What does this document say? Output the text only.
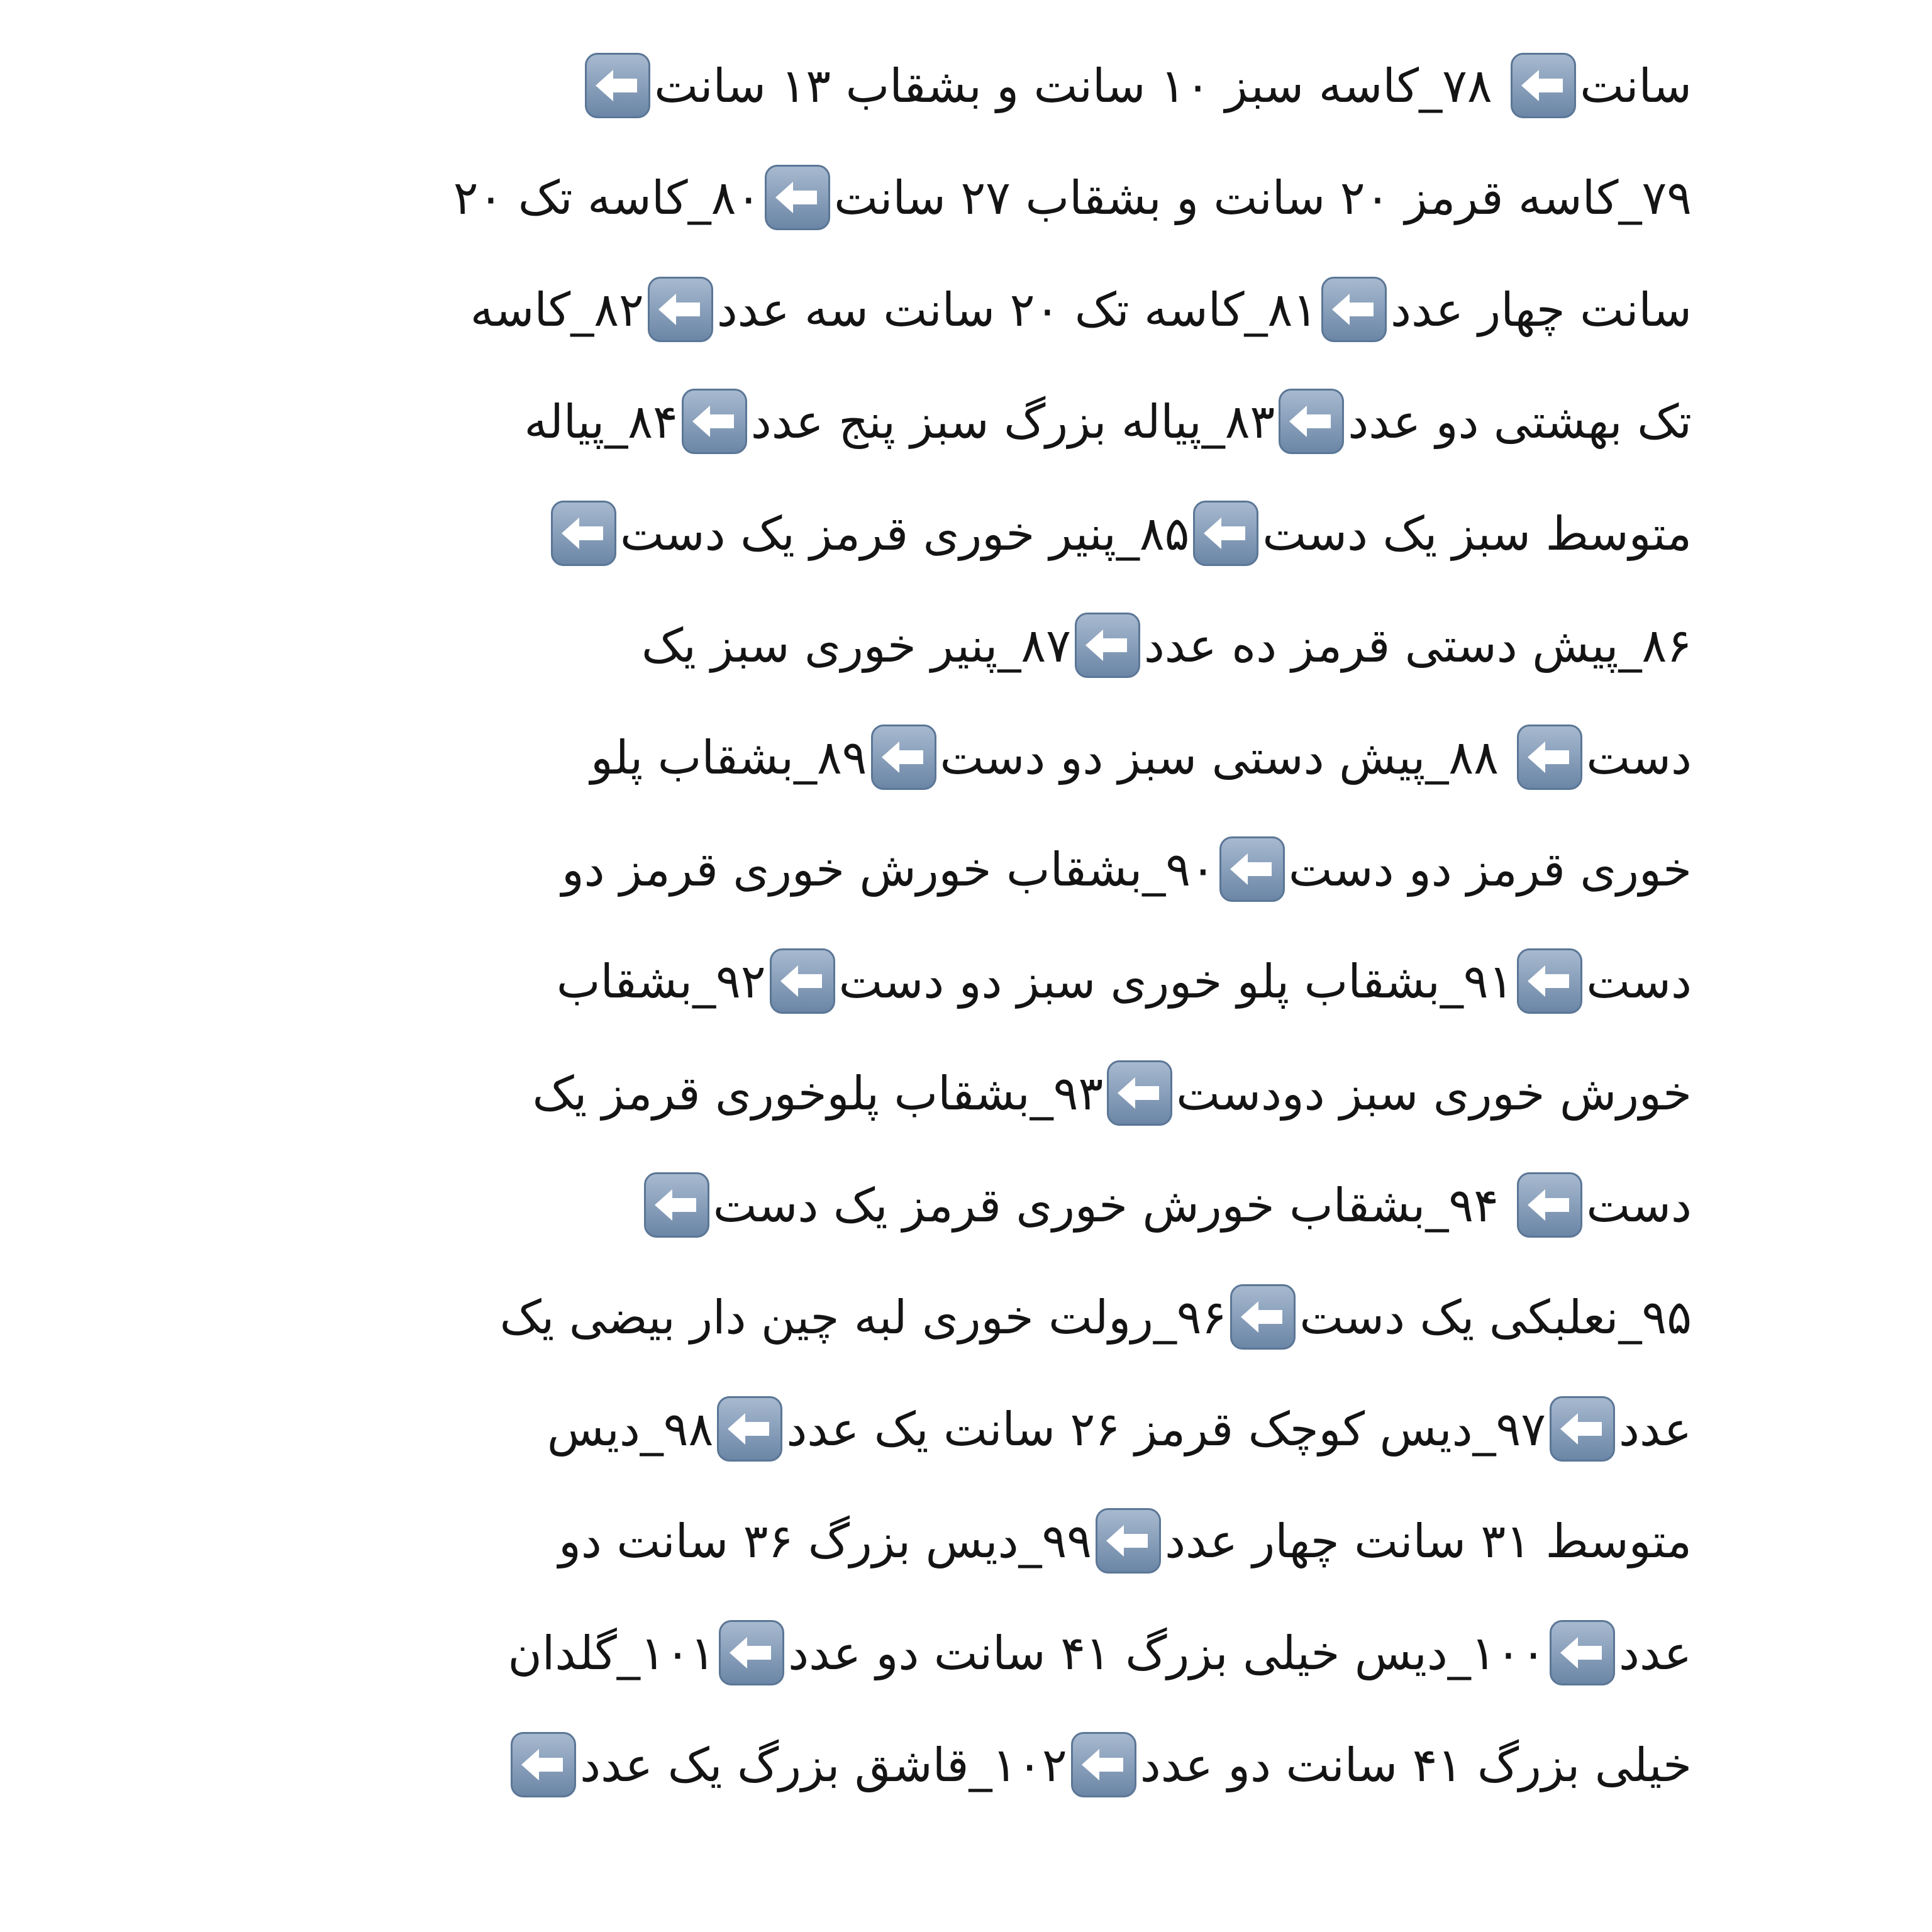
سانت
۷۸_کاسه سبز ۱۰ سانت و بشقاب ۱۳ سانت
۷۹_کاسه قرمز ۲۰ سانت و بشقاب ۲۷ سانت
۸۰_کاسه تک ۲۰
سانت چهار عدد
۸۱_کاسه تک ۲۰ سانت سه عدد
۸۲_کاسه
تک بهشتی دو عدد
۸۳_پیاله بزرگ سبز پنج عدد
۸۴_پیاله
متوسط سبز یک دست
۸۵_پنیر خوری قرمز یک دست
۸۶_پیش دستی قرمز ده عدد
۸۷_پنیر خوری سبز یک
دست
۸۸_پیش دستی سبز دو دست
۸۹_بشقاب پلو
خوری قرمز دو دست
۹۰_بشقاب خورش خوری قرمز دو
دست
۹۱_بشقاب پلو خوری سبز دو دست
۹۲_بشقاب
خورش خوری سبز دودست
۹۳_بشقاب پلوخوری قرمز یک
دست
۹۴_بشقاب خورش خوری قرمز یک دست
۹۵_نعلبکی یک دست
۹۶_رولت خوری لبه چین دار بیضی یک
عدد
۹۷_دیس کوچک قرمز ۲۶ سانت یک عدد
۹۸_دیس
متوسط ۳۱ سانت چهار عدد
۹۹_دیس بزرگ ۳۶ سانت دو
عدد
۱۰۰_دیس خیلی بزرگ ۴۱ سانت دو عدد
۱۰۱_گلدان
خیلی بزرگ ۴۱ سانت دو عدد
۱۰۲_قاشق بزرگ یک عدد
